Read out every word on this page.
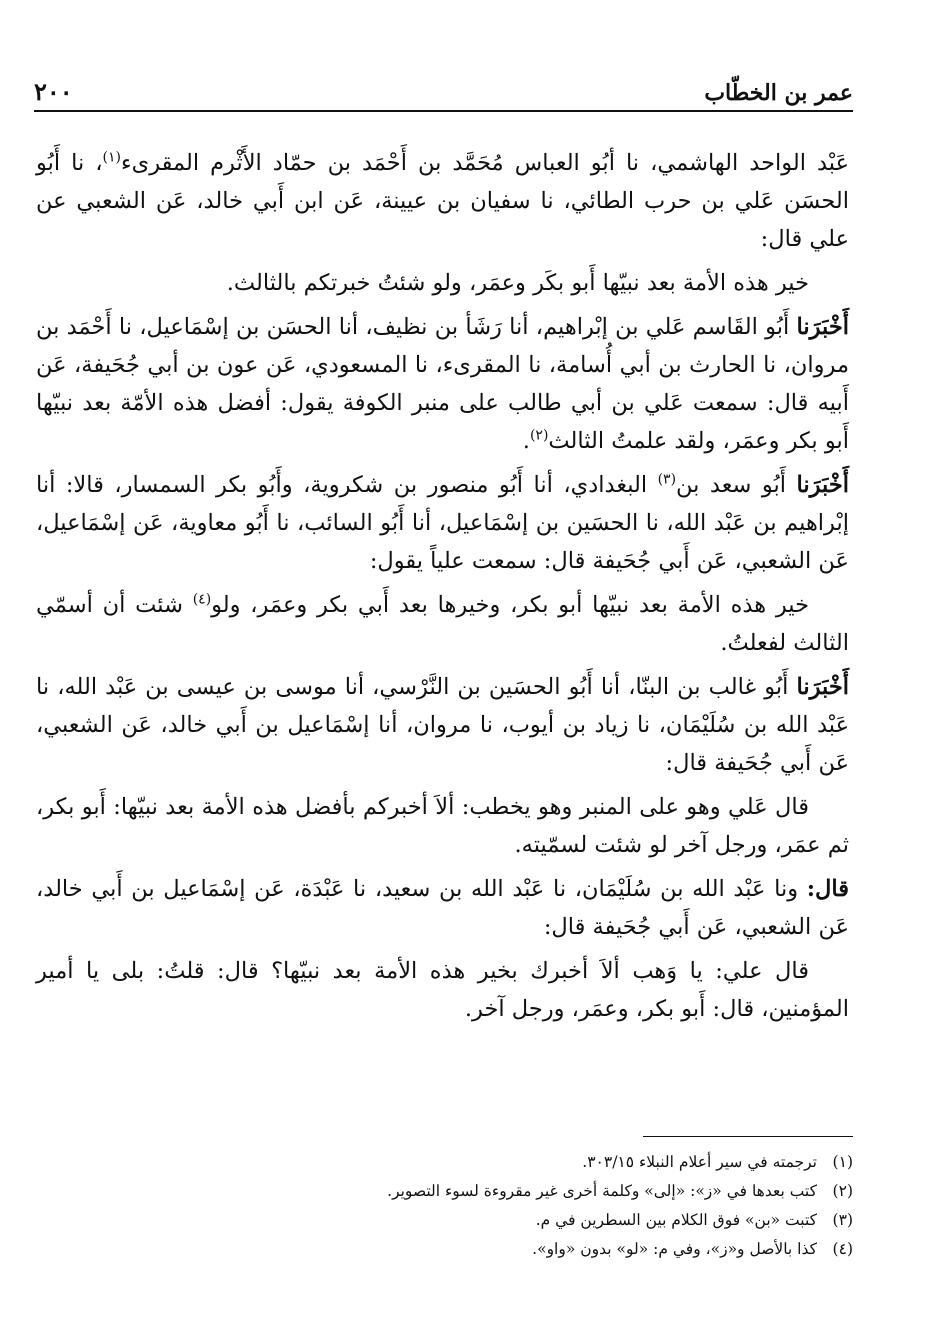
عمر بن الخطّاب
٢٠٠

عَبْد الواحد الهاشمي، نا أبُو العباس مُحَمَّد بن أَحْمَد بن حمّاد الأَثْرم المقرىء$^{(١)}$، نا أَبُو الحسَن عَلي بن حرب الطائي، نا سفيان بن عيينة، عَن ابن أَبي خالد، عَن الشعبي عن علي قال:

خير هذه الأمة بعد نبيّها أَبو بكَر وعمَر، ولو شئتُ خبرتكم بالثالث.

أَخْبَرَنا أَبُو القَاسم عَلي بن إبْراهيم، أنا رَشَأ بن نظيف، أنا الحسَن بن إسْمَاعيل، نا أَحْمَد بن مروان، نا الحارث بن أبي أُسامة، نا المقرىء، نا المسعودي، عَن عون بن أبي جُحَيفة، عَن أَبيه قال: سمعت عَلي بن أبي طالب على منبر الكوفة يقول: أفضل هذه الأمّة بعد نبيّها أَبو بكر وعمَر، ولقد علمتُ الثالث$^{(٢)}$.

أَخْبَرَنا أَبُو سعد بن$^{(٣)}$ البغدادي، أنا أَبُو منصور بن شكروية، وأَبُو بكر السمسار، قالا: أنا إبْراهيم بن عَبْد الله، نا الحسَين بن إسْمَاعيل، أنا أَبُو السائب، نا أَبُو معاوية، عَن إسْمَاعيل، عَن الشعبي، عَن أَبي جُحَيفة قال: سمعت علياً يقول:

خير هذه الأمة بعد نبيّها أبو بكر، وخيرها بعد أَبي بكر وعمَر، ولو$^{(٤)}$ شئت أن أسمّي الثالث لفعلتُ.

أَخْبَرَنا أَبُو غالب بن البنّا، أنا أَبُو الحسَين بن النَّرْسي، أنا موسى بن عيسى بن عَبْد الله، نا عَبْد الله بن سُلَيْمَان، نا زياد بن أيوب، نا مروان، أنا إسْمَاعيل بن أَبي خالد، عَن الشعبي، عَن أَبي جُحَيفة قال:

قال عَلي وهو على المنبر وهو يخطب: ألاَ أخبركم بأفضل هذه الأمة بعد نبيّها: أَبو بكر، ثم عمَر، ورجل آخر لو شئت لسمّيته.

قال: ونا عَبْد الله بن سُلَيْمَان، نا عَبْد الله بن سعيد، نا عَبْدَة، عَن إسْمَاعيل بن أَبي خالد، عَن الشعبي، عَن أَبي جُحَيفة قال:

قال علي: يا وَهب ألاَ أخبرك بخير هذه الأمة بعد نبيّها؟ قال: قلتُ: بلى يا أمير المؤمنين، قال: أَبو بكر، وعمَر، ورجل آخر.

(١)
ترجمته في سير أعلام النبلاء ٣٠٣/١٥.
(٢)
كتب بعدها في «ز»: «إلى» وكلمة أخرى غير مقروءة لسوء التصوير.
(٣)
كتبت «بن» فوق الكلام بين السطرين في م.
(٤)
كذا بالأصل و«ز»، وفي م: «لو» بدون «واو».
